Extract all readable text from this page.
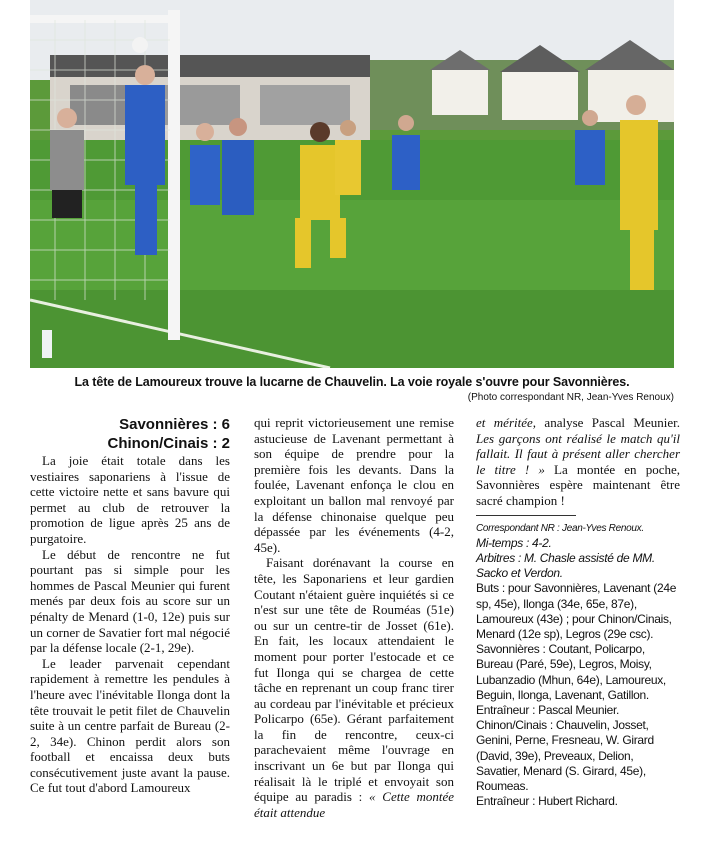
La tête de Lamoureux trouve la lucarne de Chauvelin. La voie royale s'ouvre pour Savonnières.
(Photo correspondant NR, Jean-Yves Renoux)
Savonnières : 6
Chinon/Cinais : 2

La joie était totale dans les vestiaires saponariens à l'issue de cette victoire nette et sans bavure qui permet au club de retrouver la promotion de ligue après 25 ans de purgatoire.

Le début de rencontre ne fut pourtant pas si simple pour les hommes de Pascal Meunier qui furent menés par deux fois au score sur un pénalty de Menard (1-0, 12e) puis sur un corner de Savatier fort mal négocié par la défense locale (2-1, 29e).

Le leader parvenait cependant rapidement à remettre les pendules à l'heure avec l'inévitable Ilonga dont la tête trouvait le petit filet de Chauvelin suite à un centre parfait de Bureau (2-2, 34e). Chinon perdit alors son football et encaissa deux buts consécutivement juste avant la pause. Ce fut tout d'abord Lamoureux

qui reprit victorieusement une remise astucieuse de Lavenant permettant à son équipe de prendre pour la première fois les devants. Dans la foulée, Lavenant enfonça le clou en exploitant un ballon mal renvoyé par la défense chinonaise quelque peu dépassée par les événements (4-2, 45e).

Faisant dorénavant la course en tête, les Saponariens et leur gardien Coutant n'étaient guère inquiétés si ce n'est sur une tête de Rouméas (51e) ou sur un centre-tir de Josset (61e). En fait, les locaux attendaient le moment pour porter l'estocade et ce fut Ilonga qui se chargea de cette tâche en reprenant un coup franc tirer au cordeau par l'inévitable et précieux Policarpo (65e). Gérant parfaitement la fin de rencontre, ceux-ci parachevaient même l'ouvrage en inscrivant un 6e but par Ilonga qui réalisait là le triplé et envoyait son équipe au paradis : « Cette montée était attendue

et méritée, analyse Pascal Meunier. Les garçons ont réalisé le match qu'il fallait. Il faut à présent aller chercher le titre ! » La montée en poche, Savonnières espère maintenant être sacré champion !

Correspondant NR : Jean-Yves Renoux.
Mi-temps : 4-2.
Arbitres : M. Chasle assisté de MM. Sacko et Verdon.
Buts : pour Savonnières, Lavenant (24e sp, 45e), Ilonga (34e, 65e, 87e), Lamoureux (43e) ; pour Chinon/Cinais, Menard (12e sp), Legros (29e csc).
Savonnières : Coutant, Policarpo, Bureau (Paré, 59e), Legros, Moisy, Lubanzadio (Mhun, 64e), Lamoureux, Beguin, Ilonga, Lavenant, Gatillon.
Entraîneur : Pascal Meunier.
Chinon/Cinais : Chauvelin, Josset, Genini, Perne, Fresneau, W. Girard (David, 39e), Preveaux, Delion, Savatier, Menard (S. Girard, 45e), Roumeas.
Entraîneur : Hubert Richard.
